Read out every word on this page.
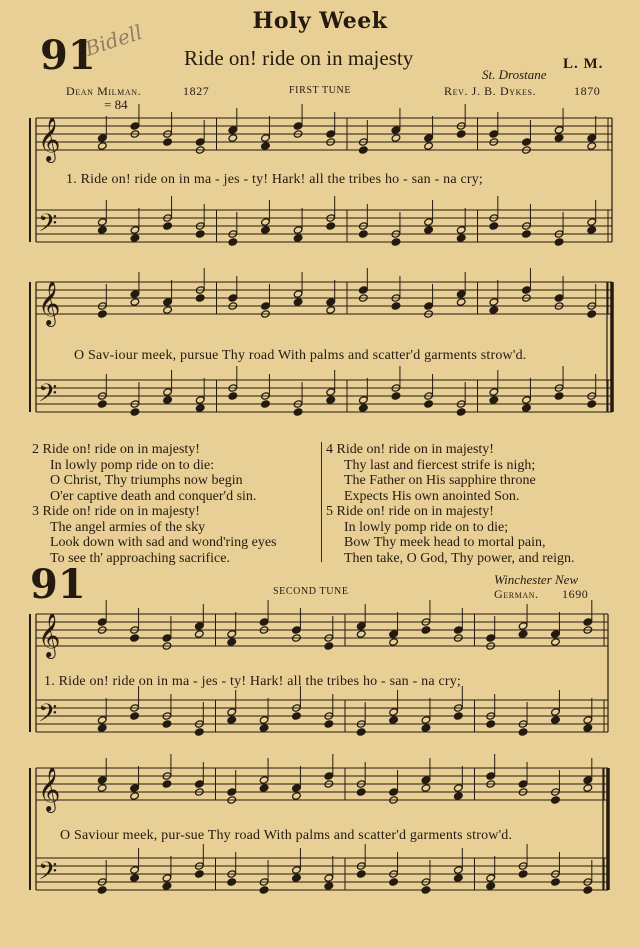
Holy Week
Bidell
91	Ride on! ride on in majesty	L. M.
St. Drostane
Dean Milman.	1827	FIRST TUNE	Rev. J. B. Dykes.	1870
= 84
𝄞
𝄢
𝄞
𝄢
𝄞
𝄢
𝄞
𝄢
1. Ride on! ride on in ma - jes - ty! Hark! all the tribes ho - san - na cry;
O Sav-iour meek, pursue Thy road With palms and scatter'd garments strow'd.
2 Ride on! ride on in majesty!
In lowly pomp ride on to die:
O Christ, Thy triumphs now begin
O'er captive death and conquer'd sin.
3 Ride on! ride on in majesty!
The angel armies of the sky
Look down with sad and wond'ring eyes
To see th' approaching sacrifice.
4 Ride on! ride on in majesty!
Thy last and fiercest strife is nigh;
The Father on His sapphire throne
Expects His own anointed Son.
5 Ride on! ride on in majesty!
In lowly pomp ride on to die;
Bow Thy meek head to mortal pain,
Then take, O God, Thy power, and reign.
91	SECOND TUNE
Winchester New
German. 1690
1. Ride on! ride on in ma - jes - ty! Hark! all the tribes ho - san - na cry;
O Saviour meek, pur-sue Thy road With palms and scatter'd garments strow'd.
